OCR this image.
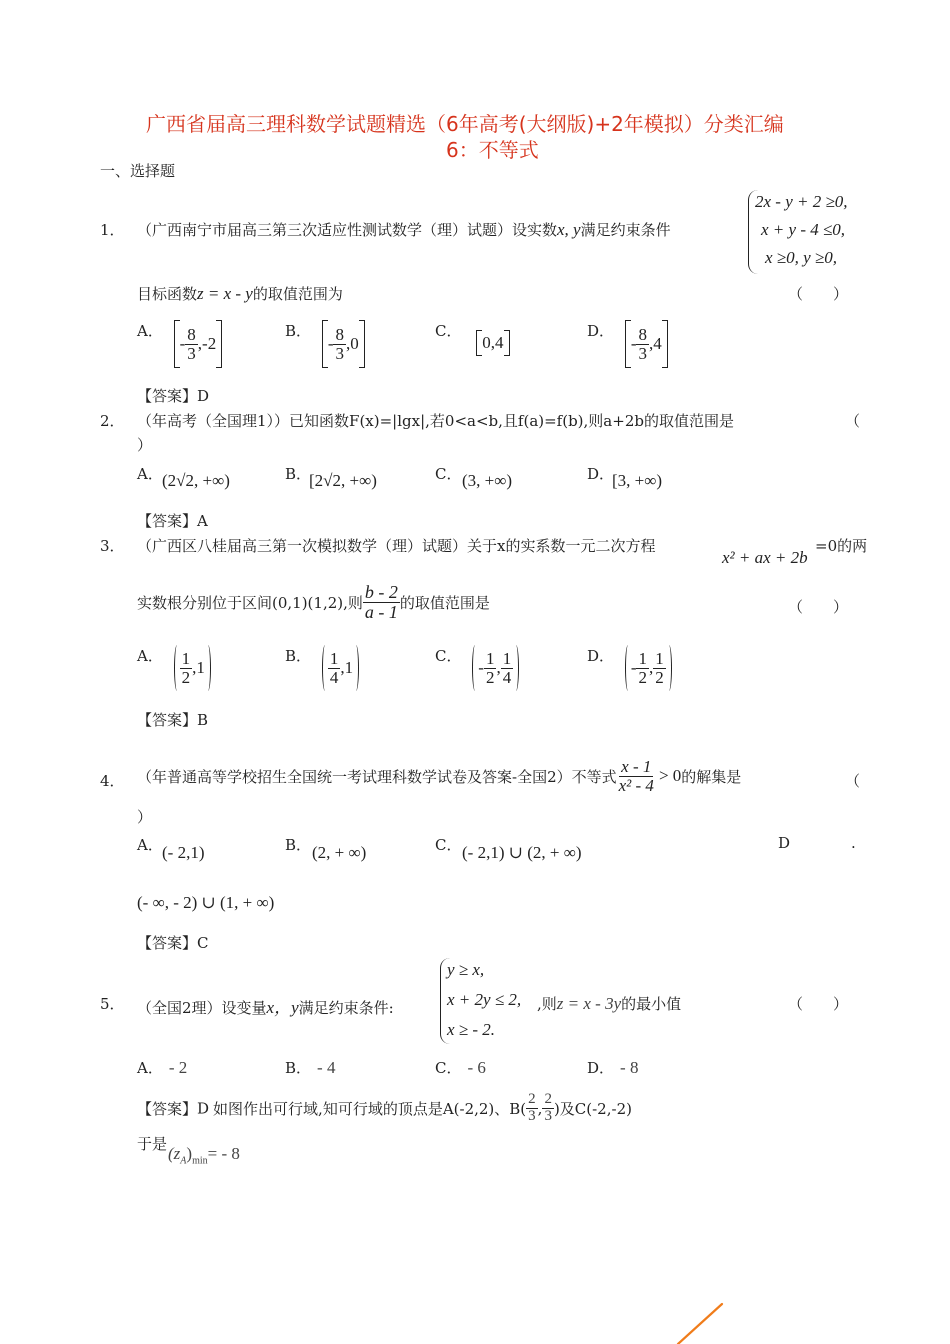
广西省届高三理科数学试题精选（6年高考(大纲版)+2年模拟）分类汇编
6：不等式
一、选择题
1． （广西南宁市届高三第三次适应性测试数学（理）试题）设实数x, y满足约束条件
2x - y + 2 ≥0,
x + y - 4 ≤0,
x ≥0, y ≥0,
目标函数z = x - y的取值范围为	（　　）
A． - $\frac{8}{3} ,-2$
B． - $\frac{8}{3} ,0$
C． 0,4
D． - $\frac{8}{3} ,4$
【答案】D
2． （年高考（全国理1））已知函数F(x)=|lgx|,若0<a<b,且f(a)=f(b),则a+2b的取值范围是	（
）
A． (2√2, +∞)	B．
[2√2, +∞)	C． (3, +∞)	D．
[3, +∞)
【答案】A
3． （广西区八桂届高三第一次模拟数学（理）试题）关于x的实系数一元二次方程
x² + ax + 2b
=0的两
实数根分别位于区间(0,1)(1,2),则 $\frac{b - 2}{a - 1}$ 的取值范围是	（　　）
A． $\frac{1}{2} ,1$
B． $\frac{1}{4} ,1$
C． - $\frac{1}{2}$ , $\frac{1}{4}$	D． - $\frac{1}{2}$ , $\frac{1}{2}$
【答案】B
4． （年普通高等学校招生全国统一考试理科数学试卷及答案-全国2）不等式 $\frac{x - 1}{\text{x² - 4}} > 0$的解集是	（
）
A． (- 2,1)	B． (2, + ∞)	C． (- 2,1) ∪ (2, + ∞)	D	.
(- ∞, - 2) ∪ (1, + ∞)
【答案】C
5． （全国2理）设变量x，y满足约束条件:
y ≥ x,
x + 2y ≤ 2,
x ≥ - 2.
,则z = x - 3y的最小值	（　　）
A． - 2	B． - 4	C． - 6	D． - 8
【答案】D 如图作出可行域,知可行域的顶点是A(-2,2)、$B( \frac{2}{3}$ , $\frac{2}{3}$ )及C(-2,-2)
于是 $(z_A)_{min}= - 8$
